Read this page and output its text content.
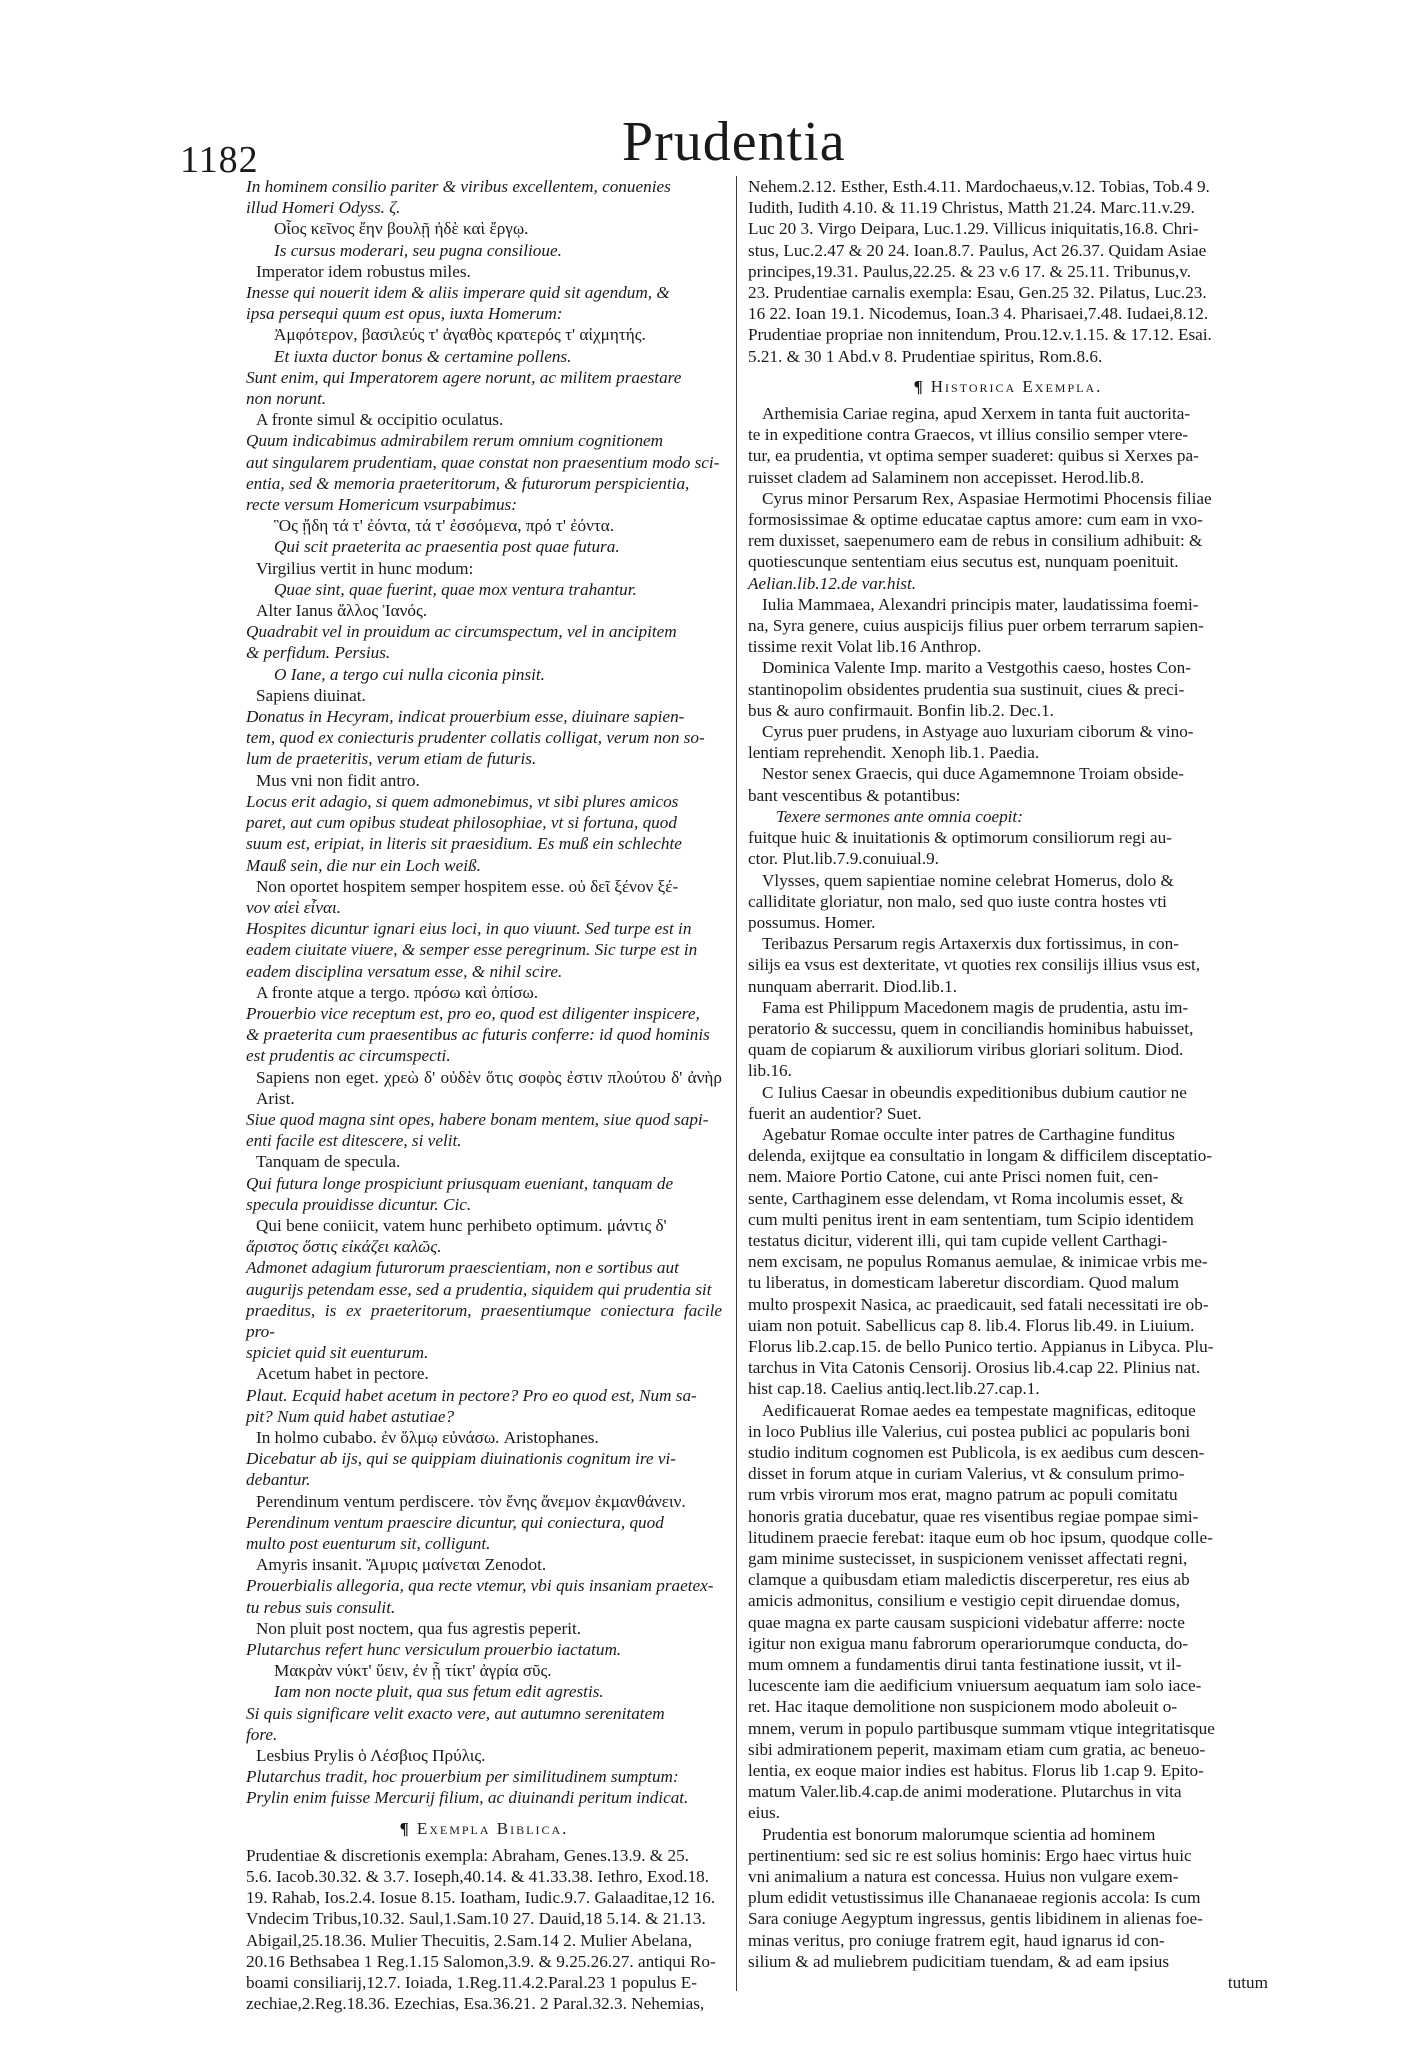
1182	Prudentia

In hominem consilio pariter & viribus excellentem, conuenies

illud Homeri Odyss. ζ.

Οἷος κεῖνος ἔην βουλῇ ἠδὲ καὶ ἔργῳ.

Is cursus moderari, seu pugna consilioue.

Imperator idem robustus miles.

Inesse qui nouerit idem & aliis imperare quid sit agendum, &

ipsa persequi quum est opus, iuxta Homerum:

Ἀμφότερον, βασιλεύς τ' ἀγαθὸς κρατερός τ' αἰχμητής.

Et iuxta ductor bonus & certamine pollens.

Sunt enim, qui Imperatorem agere norunt, ac militem praestare

non norunt.

A fronte simul & occipitio oculatus.

Quum indicabimus admirabilem rerum omnium cognitionem

aut singularem prudentiam, quae constat non praesentium modo sci-

entia, sed & memoria praeteritorum, & futurorum perspicientia,

recte versum Homericum vsurpabimus:

Ὃς ᾔδη τά τ' ἐόντα, τά τ' ἐσσόμενα, πρό τ' ἐόντα.

Qui scit praeterita ac praesentia post quae futura.

Virgilius vertit in hunc modum:

Quae sint, quae fuerint, quae mox ventura trahantur.

Alter Ianus ἄλλος Ἰανός.

Quadrabit vel in prouidum ac circumspectum, vel in ancipitem

& perfidum. Persius.

O Iane, a tergo cui nulla ciconia pinsit.

Sapiens diuinat.

Donatus in Hecyram, indicat prouerbium esse, diuinare sapien-

tem, quod ex coniecturis prudenter collatis colligat, verum non so-

lum de praeteritis, verum etiam de futuris.

Mus vni non fidit antro.

Locus erit adagio, si quem admonebimus, vt sibi plures amicos

paret, aut cum opibus studeat philosophiae, vt si fortuna, quod

suum est, eripiat, in literis sit praesidium. Es muß ein schlechte

Mauß sein, die nur ein Loch weiß.

Non oportet hospitem semper hospitem esse. οὐ δεῖ ξένον ξέ-

νον αἰεὶ εἶναι.

Hospites dicuntur ignari eius loci, in quo viuunt. Sed turpe est in

eadem ciuitate viuere, & semper esse peregrinum. Sic turpe est in

eadem disciplina versatum esse, & nihil scire.

A fronte atque a tergo. πρόσω καὶ ὀπίσω.

Prouerbio vice receptum est, pro eo, quod est diligenter inspicere,

& praeterita cum praesentibus ac futuris conferre: id quod hominis

est prudentis ac circumspecti.

Sapiens non eget. χρεὼ δ' οὐδὲν ὅτις σοφὸς ἐστιν πλούτου δ' ἀνὴρ Arist.

Siue quod magna sint opes, habere bonam mentem, siue quod sapi-

enti facile est ditescere, si velit.

Tanquam de specula.

Qui futura longe prospiciunt priusquam eueniant, tanquam de

specula prouidisse dicuntur. Cic.

Qui bene coniicit, vatem hunc perhibeto optimum. μάντις δ'

ἄριστος ὅστις εἰκάζει καλῶς.

Admonet adagium futurorum praescientiam, non e sortibus aut

augurijs petendam esse, sed a prudentia, siquidem qui prudentia sit

praeditus, is ex praeteritorum, praesentiumque coniectura facile pro-

spiciet quid sit euenturum.

Acetum habet in pectore.

Plaut. Ecquid habet acetum in pectore? Pro eo quod est, Num sa-

pit? Num quid habet astutiae?

In holmo cubabo. ἐν ὅλμῳ εὐνάσω. Aristophanes.

Dicebatur ab ijs, qui se quippiam diuinationis cognitum ire vi-

debantur.

Perendinum ventum perdiscere. τὸν ἔνης ἄνεμον ἐκμανθάνειν.

Perendinum ventum praescire dicuntur, qui coniectura, quod

multo post euenturum sit, colligunt.

Amyris insanit. Ἄμυρις μαίνεται Zenodot.

Prouerbialis allegoria, qua recte vtemur, vbi quis insaniam praetex-

tu rebus suis consulit.

Non pluit post noctem, qua fus agrestis peperit.

Plutarchus refert hunc versiculum prouerbio iactatum.

Μακρὰν νύκτ' ὕειν, ἐν ᾗ τίκτ' ἀγρία σῦς.

Iam non nocte pluit, qua sus fetum edit agrestis.

Si quis significare velit exacto vere, aut autumno serenitatem

fore.

Lesbius Prylis ὁ Λέσβιος Πρύλις.

Plutarchus tradit, hoc prouerbium per similitudinem sumptum:

Prylin enim fuisse Mercurij filium, ac diuinandi peritum indicat.

¶ Exempla Biblica.

Prudentiae & discretionis exempla: Abraham, Genes.13.9. & 25.

5.6. Iacob.30.32. & 3.7. Ioseph,40.14. & 41.33.38. Iethro, Exod.18.

19. Rahab, Ios.2.4. Iosue 8.15. Ioatham, Iudic.9.7. Galaaditae,12 16.

Vndecim Tribus,10.32. Saul,1.Sam.10 27. Dauid,18 5.14. & 21.13.

Abigail,25.18.36. Mulier Thecuitis, 2.Sam.14 2. Mulier Abelana,

20.16 Bethsabea 1 Reg.1.15 Salomon,3.9. & 9.25.26.27. antiqui Ro-

boami consiliarij,12.7. Ioiada, 1.Reg.11.4.2.Paral.23 1 populus E-

zechiae,2.Reg.18.36. Ezechias, Esa.36.21. 2 Paral.32.3. Nehemias,

Nehem.2.12. Esther, Esth.4.11. Mardochaeus,v.12. Tobias, Tob.4 9.

Iudith, Iudith 4.10. & 11.19 Christus, Matth 21.24. Marc.11.v.29.

Luc 20 3. Virgo Deipara, Luc.1.29. Villicus iniquitatis,16.8. Chri-

stus, Luc.2.47 & 20 24. Ioan.8.7. Paulus, Act 26.37. Quidam Asiae

principes,19.31. Paulus,22.25. & 23 v.6 17. & 25.11. Tribunus,v.

23. Prudentiae carnalis exempla: Esau, Gen.25 32. Pilatus, Luc.23.

16 22. Ioan 19.1. Nicodemus, Ioan.3 4. Pharisaei,7.48. Iudaei,8.12.

Prudentiae propriae non innitendum, Prou.12.v.1.15. & 17.12. Esai.

5.21. & 30 1 Abd.v 8. Prudentiae spiritus, Rom.8.6.

¶ Historica Exempla.

Arthemisia Cariae regina, apud Xerxem in tanta fuit auctorita-

te in expeditione contra Graecos, vt illius consilio semper vtere-

tur, ea prudentia, vt optima semper suaderet: quibus si Xerxes pa-

ruisset cladem ad Salaminem non accepisset. Herod.lib.8.

Cyrus minor Persarum Rex, Aspasiae Hermotimi Phocensis filiae

formosissimae & optime educatae captus amore: cum eam in vxo-

rem duxisset, saepenumero eam de rebus in consilium adhibuit: &

quotiescunque sententiam eius secutus est, nunquam poenituit.

Aelian.lib.12.de var.hist.

Iulia Mammaea, Alexandri principis mater, laudatissima foemi-

na, Syra genere, cuius auspicijs filius puer orbem terrarum sapien-

tissime rexit Volat lib.16 Anthrop.

Dominica Valente Imp. marito a Vestgothis caeso, hostes Con-

stantinopolim obsidentes prudentia sua sustinuit, ciues & preci-

bus & auro confirmauit. Bonfin lib.2. Dec.1.

Cyrus puer prudens, in Astyage auo luxuriam ciborum & vino-

lentiam reprehendit. Xenoph lib.1. Paedia.

Nestor senex Graecis, qui duce Agamemnone Troiam obside-

bant vescentibus & potantibus:

Texere sermones ante omnia coepit:

fuitque huic & inuitationis & optimorum consiliorum regi au-

ctor. Plut.lib.7.9.conuiual.9.

Vlysses, quem sapientiae nomine celebrat Homerus, dolo &

calliditate gloriatur, non malo, sed quo iuste contra hostes vti

possumus. Homer.

Teribazus Persarum regis Artaxerxis dux fortissimus, in con-

silijs ea vsus est dexteritate, vt quoties rex consilijs illius vsus est,

nunquam aberrarit. Diod.lib.1.

Fama est Philippum Macedonem magis de prudentia, astu im-

peratorio & successu, quem in conciliandis hominibus habuisset,

quam de copiarum & auxiliorum viribus gloriari solitum. Diod.

lib.16.

C Iulius Caesar in obeundis expeditionibus dubium cautior ne

fuerit an audentior? Suet.

Agebatur Romae occulte inter patres de Carthagine funditus

delenda, exijtque ea consultatio in longam & difficilem disceptatio-

nem. Maiore Portio Catone, cui ante Prisci nomen fuit, cen-

sente, Carthaginem esse delendam, vt Roma incolumis esset, &

cum multi penitus irent in eam sententiam, tum Scipio identidem

testatus dicitur, viderent illi, qui tam cupide vellent Carthagi-

nem excisam, ne populus Romanus aemulae, & inimicae vrbis me-

tu liberatus, in domesticam laberetur discordiam. Quod malum

multo prospexit Nasica, ac praedicauit, sed fatali necessitati ire ob-

uiam non potuit. Sabellicus cap 8. lib.4. Florus lib.49. in Liuium.

Florus lib.2.cap.15. de bello Punico tertio. Appianus in Libyca. Plu-

tarchus in Vita Catonis Censorij. Orosius lib.4.cap 22. Plinius nat.

hist cap.18. Caelius antiq.lect.lib.27.cap.1.

Aedificauerat Romae aedes ea tempestate magnificas, editoque

in loco Publius ille Valerius, cui postea publici ac popularis boni

studio inditum cognomen est Publicola, is ex aedibus cum descen-

disset in forum atque in curiam Valerius, vt & consulum primo-

rum vrbis virorum mos erat, magno patrum ac populi comitatu

honoris gratia ducebatur, quae res visentibus regiae pompae simi-

litudinem praecie ferebat: itaque eum ob hoc ipsum, quodque colle-

gam minime sustecisset, in suspicionem venisset affectati regni,

clamque a quibusdam etiam maledictis discerperetur, res eius ab

amicis admonitus, consilium e vestigio cepit diruendae domus,

quae magna ex parte causam suspicioni videbatur afferre: nocte

igitur non exigua manu fabrorum operariorumque conducta, do-

mum omnem a fundamentis dirui tanta festinatione iussit, vt il-

lucescente iam die aedificium vniuersum aequatum iam solo iace-

ret. Hac itaque demolitione non suspicionem modo aboleuit o-

mnem, verum in populo partibusque summam vtique integritatisque

sibi admirationem peperit, maximam etiam cum gratia, ac beneuo-

lentia, ex eoque maior indies est habitus. Florus lib 1.cap 9. Epito-

matum Valer.lib.4.cap.de animi moderatione. Plutarchus in vita

eius.

Prudentia est bonorum malorumque scientia ad hominem

pertinentium: sed sic re est solius hominis: Ergo haec virtus huic

vni animalium a natura est concessa. Huius non vulgare exem-

plum edidit vetustissimus ille Chananaeae regionis accola: Is cum

Sara coniuge Aegyptum ingressus, gentis libidinem in alienas foe-

minas veritus, pro coniuge fratrem egit, haud ignarus id con-

silium & ad muliebrem pudicitiam tuendam, & ad eam ipsius

tutum
